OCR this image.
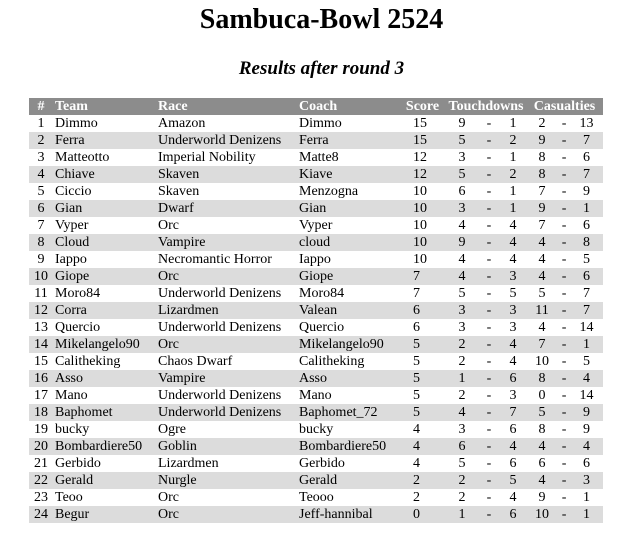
Sambuca-Bowl 2524
Results after round 3
#	Team	Race	Coach	Score	Touchdowns			Casualties		
1	Dimmo	Amazon	Dimmo	15	9	-	1	2	-	13
2	Ferra	Underworld Denizens	Ferra	15	5	-	2	9	-	7
3	Matteotto	Imperial Nobility	Matte8	12	3	-	1	8	-	6
4	Chiave	Skaven	Kiave	12	5	-	2	8	-	7
5	Ciccio	Skaven	Menzogna	10	6	-	1	7	-	9
6	Gian	Dwarf	Gian	10	3	-	1	9	-	1
7	Vyper	Orc	Vyper	10	4	-	4	7	-	6
8	Cloud	Vampire	cloud	10	9	-	4	4	-	8
9	Iappo	Necromantic Horror	Iappo	10	4	-	4	4	-	5
10	Giope	Orc	Giope	7	4	-	3	4	-	6
11	Moro84	Underworld Denizens	Moro84	7	5	-	5	5	-	7
12	Corra	Lizardmen	Valean	6	3	-	3	11	-	7
13	Quercio	Underworld Denizens	Quercio	6	3	-	3	4	-	14
14	Mikelangelo90	Orc	Mikelangelo90	5	2	-	4	7	-	1
15	Calitheking	Chaos Dwarf	Calitheking	5	2	-	4	10	-	5
16	Asso	Vampire	Asso	5	1	-	6	8	-	4
17	Mano	Underworld Denizens	Mano	5	2	-	3	0	-	14
18	Baphomet	Underworld Denizens	Baphomet_72	5	4	-	7	5	-	9
19	bucky	Ogre	bucky	4	3	-	6	8	-	9
20	Bombardiere50	Goblin	Bombardiere50	4	6	-	4	4	-	4
21	Gerbido	Lizardmen	Gerbido	4	5	-	6	6	-	6
22	Gerald	Nurgle	Gerald	2	2	-	5	4	-	3
23	Teoo	Orc	Teooo	2	2	-	4	9	-	1
24	Begur	Orc	Jeff-hannibal	0	1	-	6	10	-	1
